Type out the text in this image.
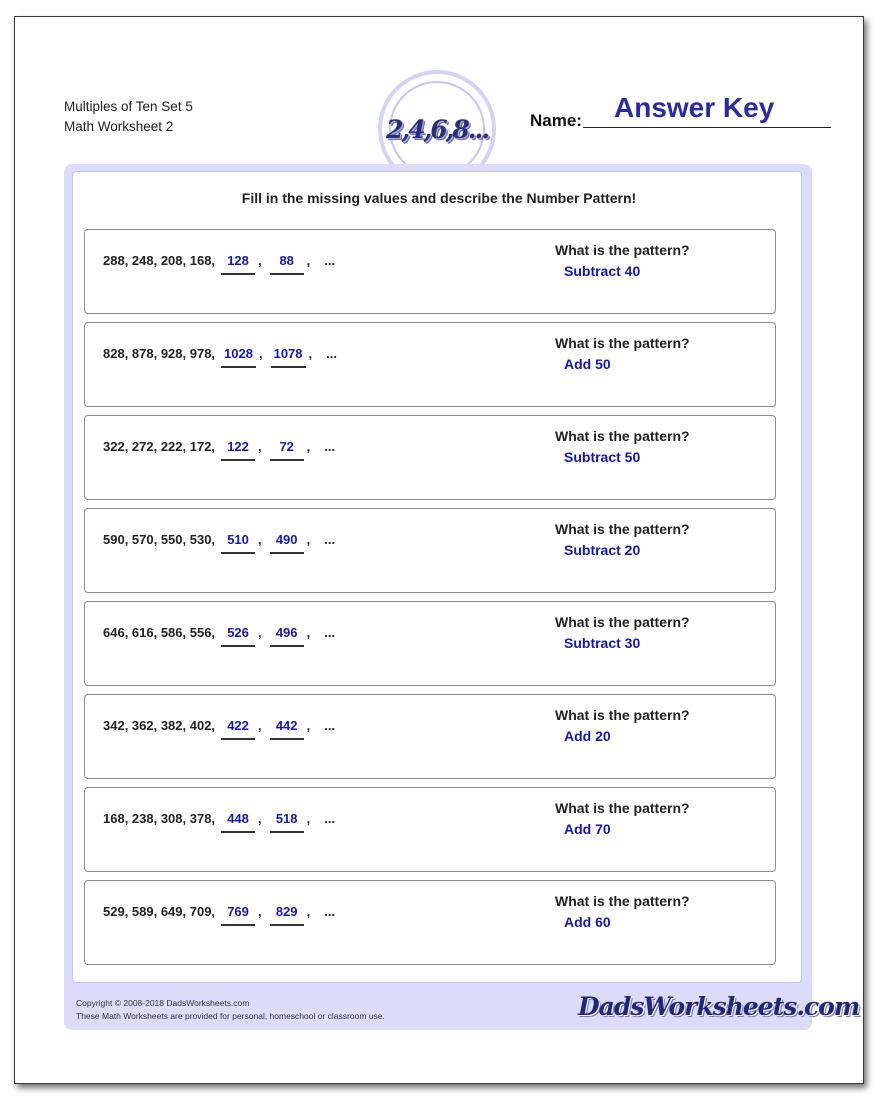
Multiples of Ten Set 5
Math Worksheet 2	2,4,6,8... Name: Answer Key
Fill in the missing values and describe the Number Pattern!
288, 248, 208, 168, 128 ,	88 , ...
What is the pattern?
Subtract 40
828, 878, 928, 978, 1028 , 1078 , ...
What is the pattern?
Add 50
322, 272, 222, 172, 122 ,	72 , ...
What is the pattern?
Subtract 50
590, 570, 550, 530, 510 ,	490 , ...
What is the pattern?
Subtract 20
646, 616, 586, 556, 526 ,	496 , ...
What is the pattern?
Subtract 30
342, 362, 382, 402, 422 ,	442 , ...
What is the pattern?
Add 20
168, 238, 308, 378, 448 ,	518 , ...
What is the pattern?
Add 70
529, 589, 649, 709, 769 ,	829 , ...
What is the pattern?
Add 60
Copyright © 2008-2018 DadsWorksheets.com
These Math Worksheets are provided for personal, homeschool or classroom use.	DadsWorksheets.com
